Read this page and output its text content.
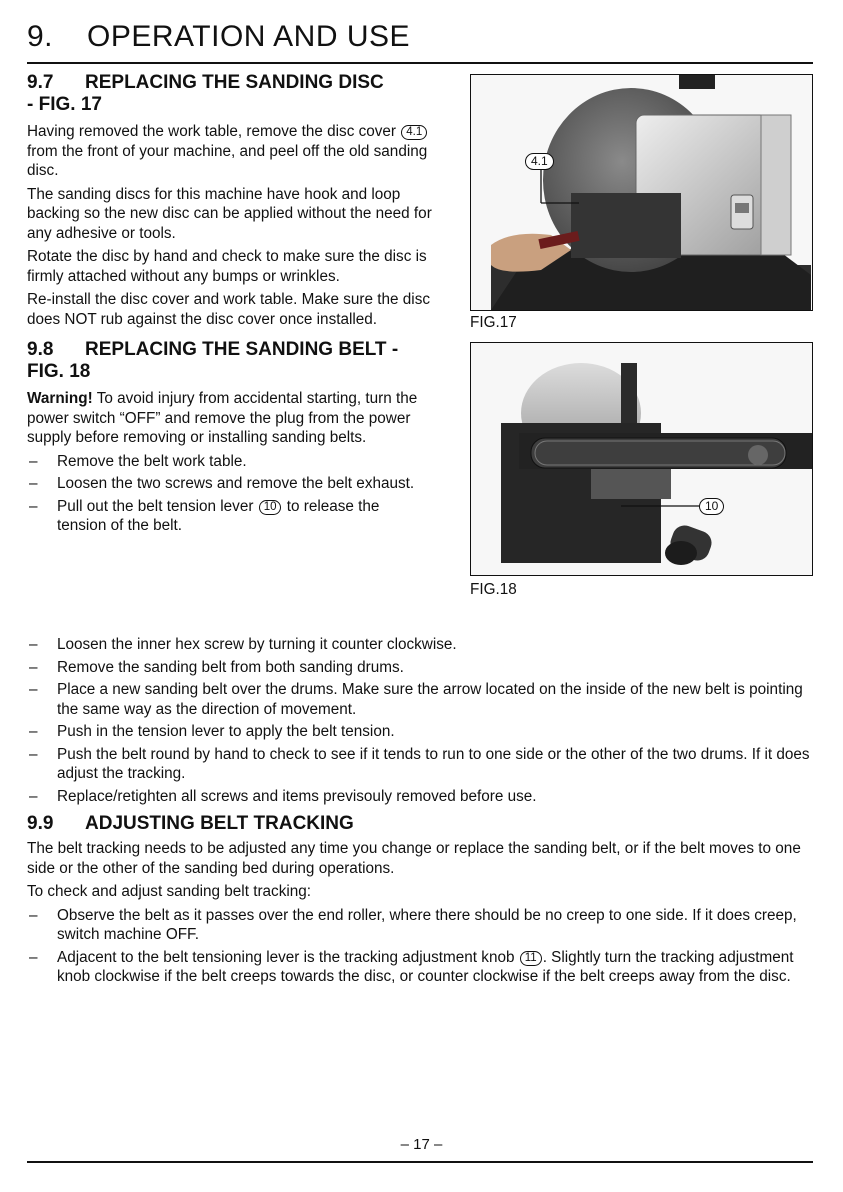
9. OPERATION AND USE
9.7 REPLACING THE SANDING DISC
- FIG. 17

Having removed the work table, remove the disc cover 4.1 from the front of your machine, and peel off the old sanding disc.

The sanding discs for this machine have hook and loop backing so the new disc can be applied without the need for any adhesive or tools.

Rotate the disc by hand and check to make sure the disc is firmly attached without any bumps or wrinkles.

Re-install the disc cover and work table. Make sure the disc does NOT rub against the disc cover once installed.

9.8 REPLACING THE SANDING BELT -
FIG. 18

Warning! To avoid injury from accidental starting, turn the power switch “OFF” and remove the plug from the power supply before removing or installing sanding belts.

– Remove the belt work table.
– Loosen the two screws and remove the belt exhaust.
– Pull out the belt tension lever 10 to release the tension of the belt.
– Loosen the inner hex screw by turning it counter clockwise.
– Remove the sanding belt from both sanding drums.
– Place a new sanding belt over the drums. Make sure the arrow located on the inside of the new belt is pointing the same way as the direction of movement.
– Push in the tension lever to apply the belt tension.
– Push the belt round by hand to check to see if it tends to run to one side or the other of the two drums. If it does adjust the tracking.
– Replace/retighten all screws and items previsouly removed before use.
9.9 ADJUSTING BELT TRACKING

The belt tracking needs to be adjusted any time you change or replace the sanding belt, or if the belt moves to one side or the other of the sanding bed during operations.

To check and adjust sanding belt tracking:

– Observe the belt as it passes over the end roller, where there should be no creep to one side. If it does creep, switch machine OFF.
– Adjacent to the belt tensioning lever is the tracking adjustment knob 11 . Slightly turn the tracking adjustment knob clockwise if the belt creeps towards the disc, or counter clockwise if the belt creeps away from the disc.
4.1
FIG.17
10
FIG.18
– 17 –
